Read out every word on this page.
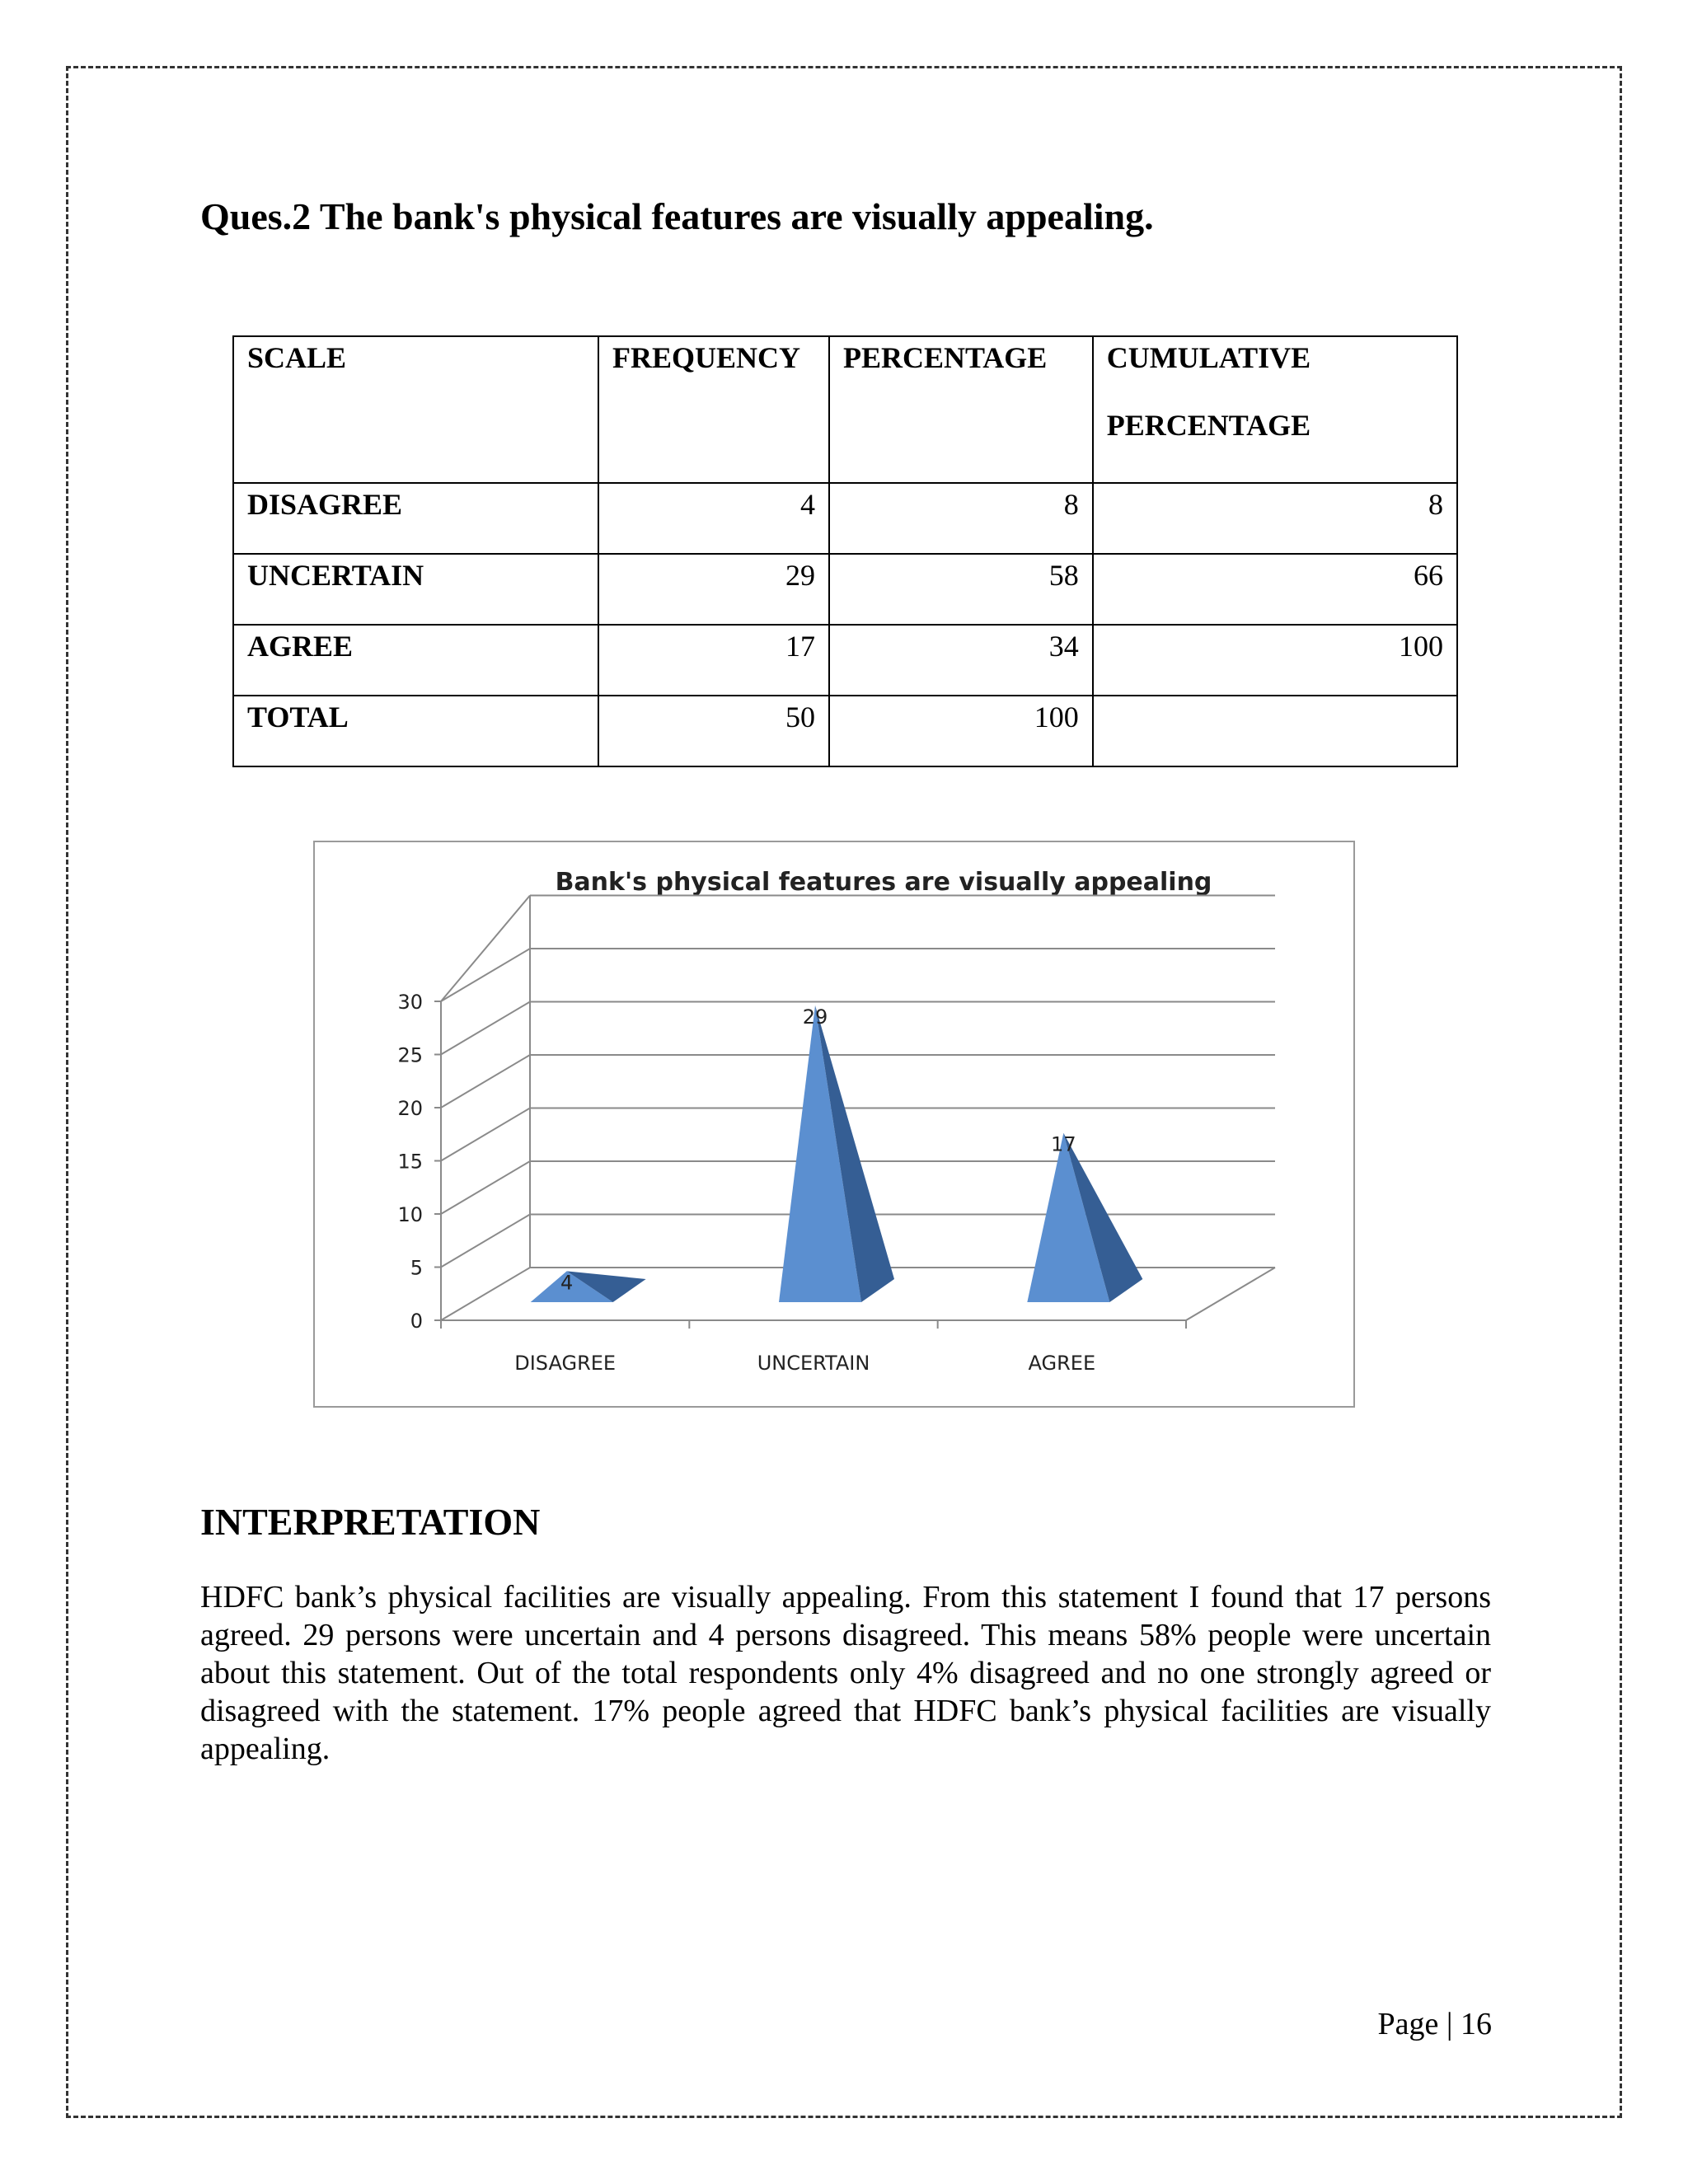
Ques.2 The bank's physical features are visually appealing.
SCALE	FREQUENCY	PERCENTAGE	CUMULATIVE
PERCENTAGE

DISAGREE	4	8	8
UNCERTAIN	29	58	66
AGREE	17	34	100
TOTAL	50	100	
Bank's physical features are visually appealing
0
5
10
15
20
25
30
4
29
17
DISAGREE	UNCERTAIN	AGREE
INTERPRETATION
HDFC bank’s physical facilities are visually appealing. From this statement I found that 17 persons agreed. 29 persons were uncertain and 4 persons disagreed. This means 58% people were uncertain about this statement. Out of the total respondents only 4% disagreed and no one strongly agreed or disagreed with the statement. 17% people agreed that HDFC bank’s physical facilities are visually appealing.
Page | 16
